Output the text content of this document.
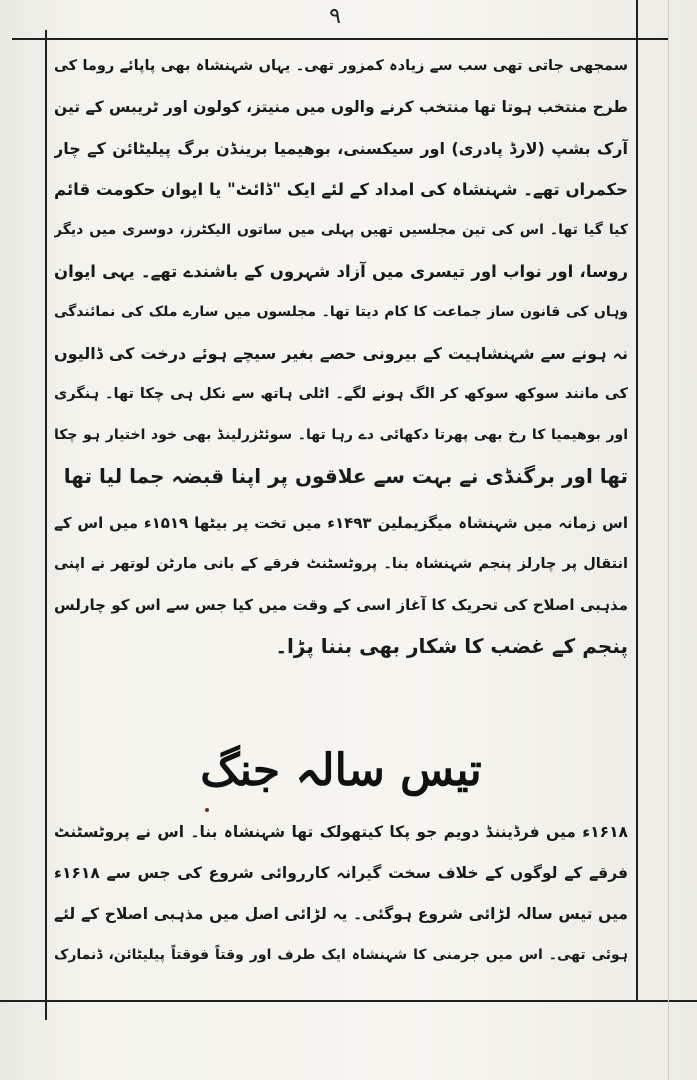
۹
سمجھی جاتی تھی سب سے زیادہ کمزور تھی۔ یہاں شہنشاہ بھی پاپائے روما کی
طرح منتخب ہوتا تھا منتخب کرنے والوں میں منیتز، کولون اور ٹریبس کے تین
آرک بشپ (لارڈ پادری) اور سیکسنی، بوھیمیا برینڈن برگ پیلیٹائن کے چار
حکمراں تھے۔ شہنشاہ کی امداد کے لئے ایک "ڈائٹ" یا ایوان حکومت قائم
کیا گیا تھا۔ اس کی تین مجلسیں تھیں پہلی میں ساتوں الیکٹرز، دوسری میں دیگر
روسا، اور نواب اور تیسری میں آزاد شہروں کے باشندے تھے۔ یہی ایوان
وہاں کی قانون ساز جماعت کا کام دیتا تھا۔ مجلسوں میں سارے ملک کی نمائندگی
نہ ہونے سے شہنشاہیت کے بیرونی حصے بغیر سیچے ہوئے درخت کی ڈالیوں
کی مانند سوکھ سوکھ کر الگ ہونے لگے۔ اٹلی ہاتھ سے نکل ہی چکا تھا۔ ہنگری
اور بوھیمیا کا رخ بھی پھرتا دکھائی دے رہا تھا۔ سوئٹزرلینڈ بھی خود اختیار ہو چکا
تھا اور برگنڈی نے بہت سے علاقوں پر اپنا قبضہ جما لیا تھا
اس زمانہ میں شہنشاہ میگزیملین ۱۴۹۳ء میں تخت پر بیٹھا ۱۵۱۹ء میں اس کے
انتقال پر چارلز پنجم شہنشاہ بنا۔ پروٹسٹنٹ فرقے کے بانی مارٹن لوتھر نے اپنی
مذہبی اصلاح کی تحریک کا آغاز اسی کے وقت میں کیا جس سے اس کو چارلس
پنجم کے غضب کا شکار بھی بننا پڑا۔
تیس سالہ جنگ
۱۶۱۸ء میں فرڈیننڈ دویم جو پکا کیتھولک تھا شہنشاہ بنا۔ اس نے پروٹسٹنٹ
فرقے کے لوگوں کے خلاف سخت گیرانہ کارروائی شروع کی جس سے ۱۶۱۸ء
میں تیس سالہ لڑائی شروع ہوگئی۔ یہ لڑائی اصل میں مذہبی اصلاح کے لئے
ہوئی تھی۔ اس میں جرمنی کا شہنشاہ ایک طرف اور وقتاً فوقتاً پیلیٹائن، ڈنمارک
